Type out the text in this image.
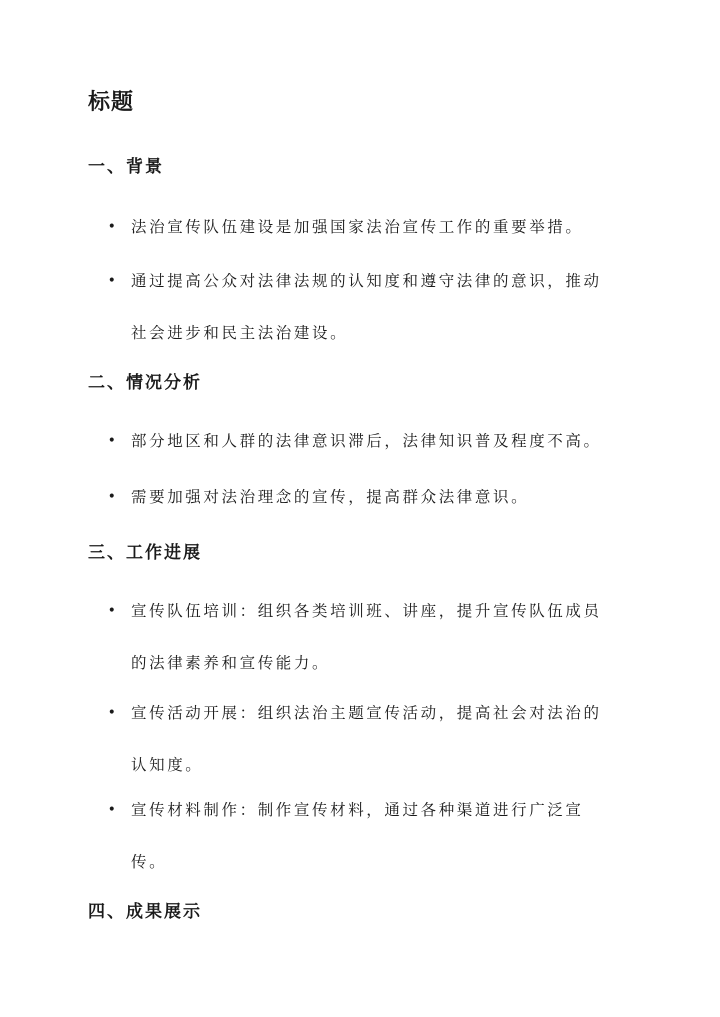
标题
一、背景
• 法治宣传队伍建设是加强国家法治宣传工作的重要举措。
• 通过提高公众对法律法规的认知度和遵守法律的意识，推动社会进步和民主法治建设。
二、情况分析
• 部分地区和人群的法律意识滞后，法律知识普及程度不高。
• 需要加强对法治理念的宣传，提高群众法律意识。
三、工作进展
• 宣传队伍培训：组织各类培训班、讲座，提升宣传队伍成员的法律素养和宣传能力。
• 宣传活动开展：组织法治主题宣传活动，提高社会对法治的认知度。
• 宣传材料制作：制作宣传材料，通过各种渠道进行广泛宣传。
四、成果展示
